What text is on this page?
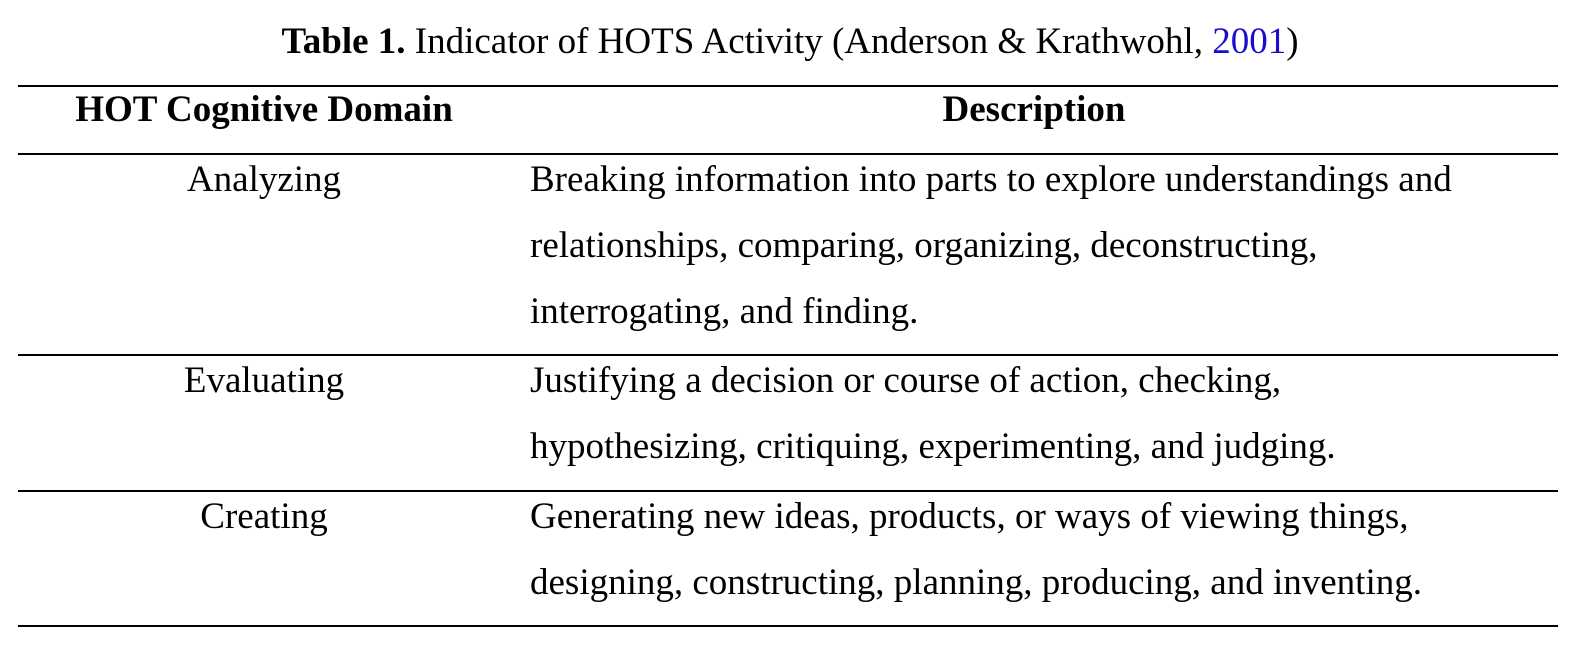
Table 1. Indicator of HOTS Activity (Anderson & Krathwohl, 2001)
HOT Cognitive Domain	Description
Analyzing	Breaking information into parts to explore understandings and
relationships, comparing, organizing, deconstructing,
interrogating, and finding.
Evaluating	Justifying a decision or course of action, checking,
hypothesizing, critiquing, experimenting, and judging.
Creating	Generating new ideas, products, or ways of viewing things,
designing, constructing, planning, producing, and inventing.
